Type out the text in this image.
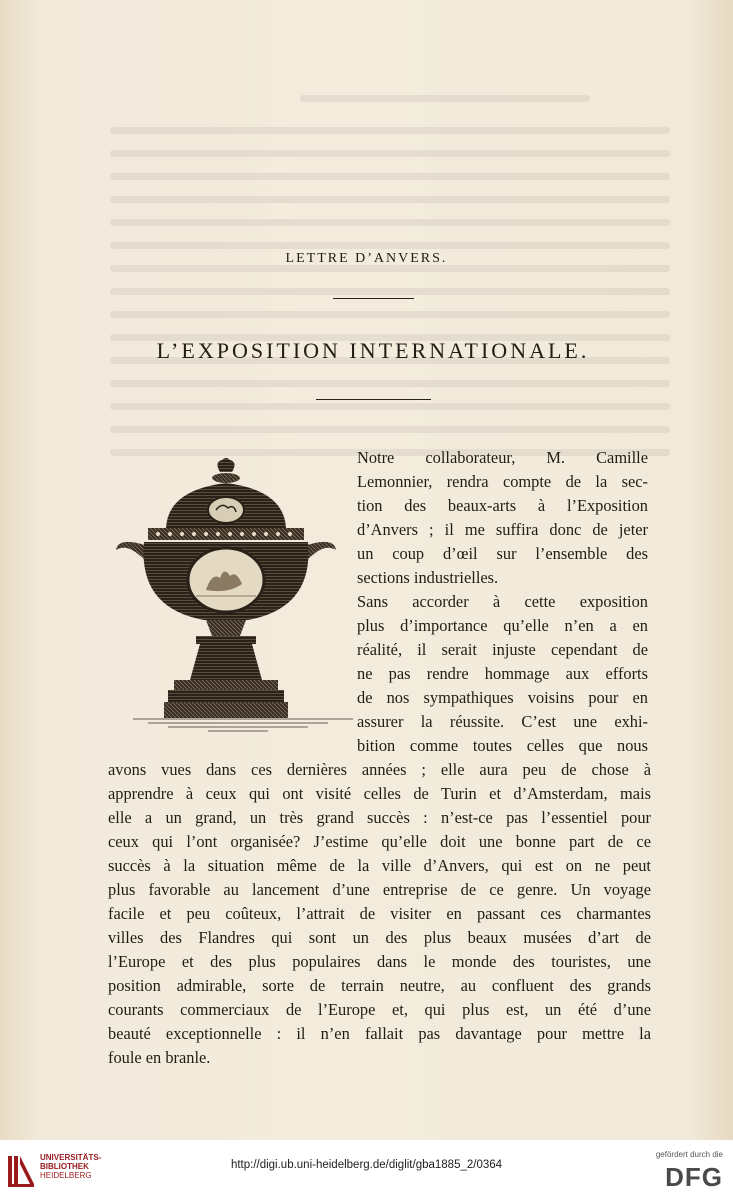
LETTRE D’ANVERS.
L’EXPOSITION INTERNATIONALE.
Notre collaborateur, M. Camille
Lemonnier, rendra compte de la sec-
tion des beaux-arts à l’Exposition
d’Anvers ; il me suffira donc de jeter
un coup d’œil sur l’ensemble des
sections industrielles.
Sans accorder à cette exposition
plus d’importance qu’elle n’en a en
réalité, il serait injuste cependant de
ne pas rendre hommage aux efforts
de nos sympathiques voisins pour en
assurer la réussite. C’est une exhi-
bition comme toutes celles que nous
avons vues dans ces dernières années ; elle aura peu de chose à
apprendre à ceux qui ont visité celles de Turin et d’Amsterdam, mais
elle a un grand, un très grand succès : n’est-ce pas l’essentiel pour
ceux qui l’ont organisée? J’estime qu’elle doit une bonne part de ce
succès à la situation même de la ville d’Anvers, qui est on ne peut
plus favorable au lancement d’une entreprise de ce genre. Un voyage
facile et peu coûteux, l’attrait de visiter en passant ces charmantes
villes des Flandres qui sont un des plus beaux musées d’art de
l’Europe et des plus populaires dans le monde des touristes, une
position admirable, sorte de terrain neutre, au confluent des grands
courants commerciaux de l’Europe et, qui plus est, un été d’une
beauté exceptionnelle : il n’en fallait pas davantage pour mettre la
foule en branle.
UNIVERSITÄTS-
BIBLIOTHEK
HEIDELBERG
http://digi.ub.uni-heidelberg.de/diglit/gba1885_2/0364
gefördert durch die
DFG
